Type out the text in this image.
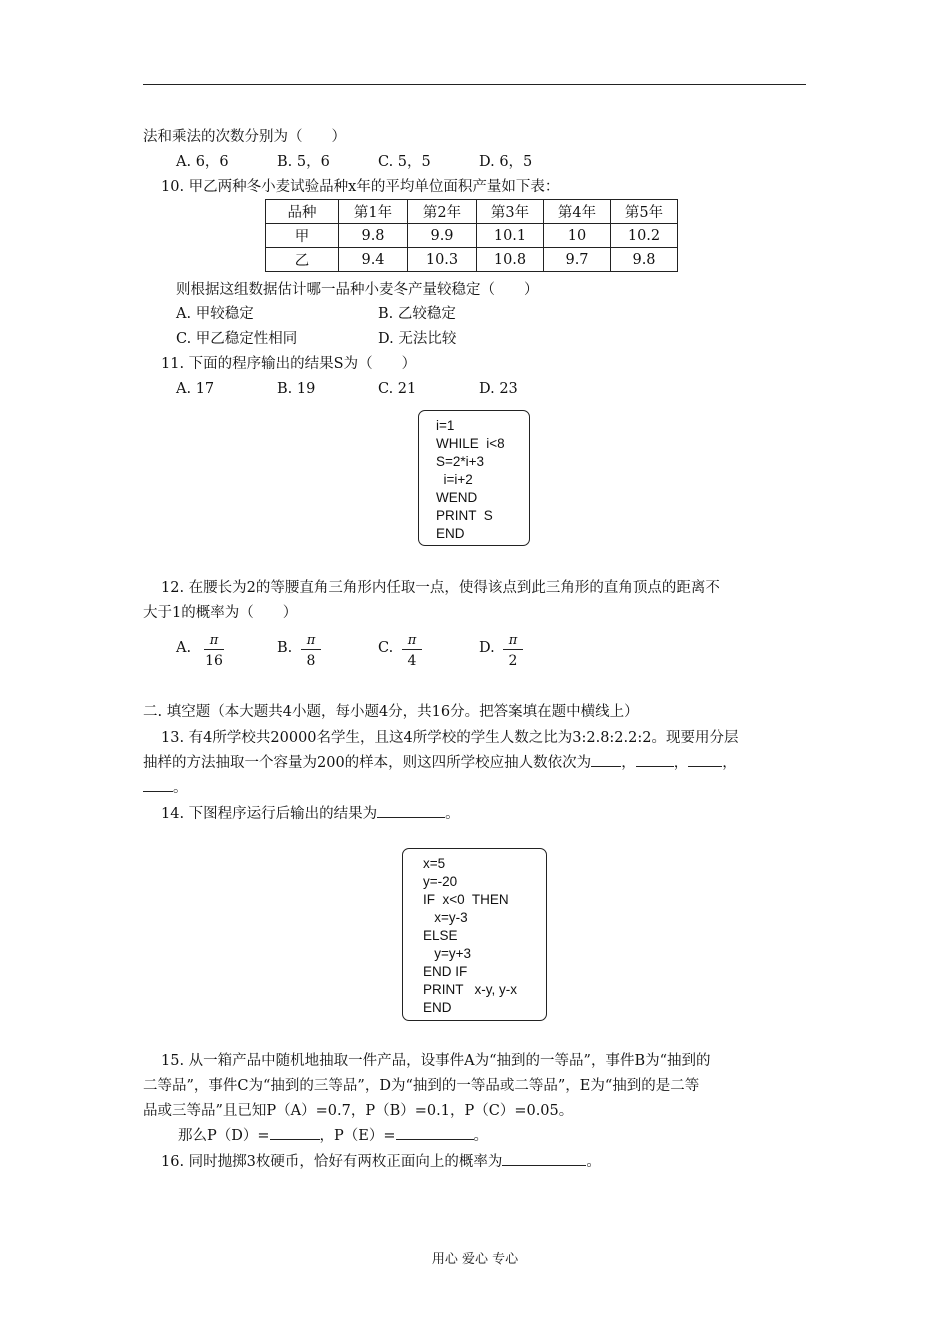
法和乘法的次数分别为（　　）
A. 6，6	B. 5，6	C. 5，5	D. 6，5
10. 甲乙两种冬小麦试验品种x年的平均单位面积产量如下表：
品种	第1年	第2年	第3年	第4年	第5年
甲	9.8	9.9	10.1	10	10.2
乙	9.4	10.3	10.8	9.7	9.8
则根据这组数据估计哪一品种小麦冬产量较稳定（　　）
A. 甲较稳定	B. 乙较稳定
C. 甲乙稳定性相同	D. 无法比较
11. 下面的程序输出的结果S为（　　）
A. 17	B. 19	C. 21	D. 23
i=1
WHILE  i<8
S=2*i+3
i=i+2
WEND
PRINT  S
END
12. 在腰长为2的等腰直角三角形内任取一点，使得该点到此三角形的直角顶点的距离不
大于1的概率为（　　）
A.	π
16
B.	π
8
C.	π
4
D.	π
2
二. 填空题（本大题共4小题，每小题4分，共16分。把答案填在题中横线上）
13. 有4所学校共20000名学生，且这4所学校的学生人数之比为3:2.8:2.2:2。现要用分层
抽样的方法抽取一个容量为200的样本，则这四所学校应抽人数依次为 ，	， ，
。
14. 下图程序运行后输出的结果为	。
x=5
y=-20
IF  x<0  THEN
x=y-3
ELSE
y=y+3
END IF
PRINT   x-y, y-x
END
15. 从一箱产品中随机地抽取一件产品，设事件A为“抽到的一等品”，事件B为“抽到的
二等品”，事件C为“抽到的三等品”，D为“抽到的一等品或二等品”，E为“抽到的是二等
品或三等品”且已知P（A）=0.7，P（B）=0.1，P（C）=0.05。
那么P（D）=	，P（E）=	。
16. 同时抛掷3枚硬币，恰好有两枚正面向上的概率为	。
用心 爱心 专心
